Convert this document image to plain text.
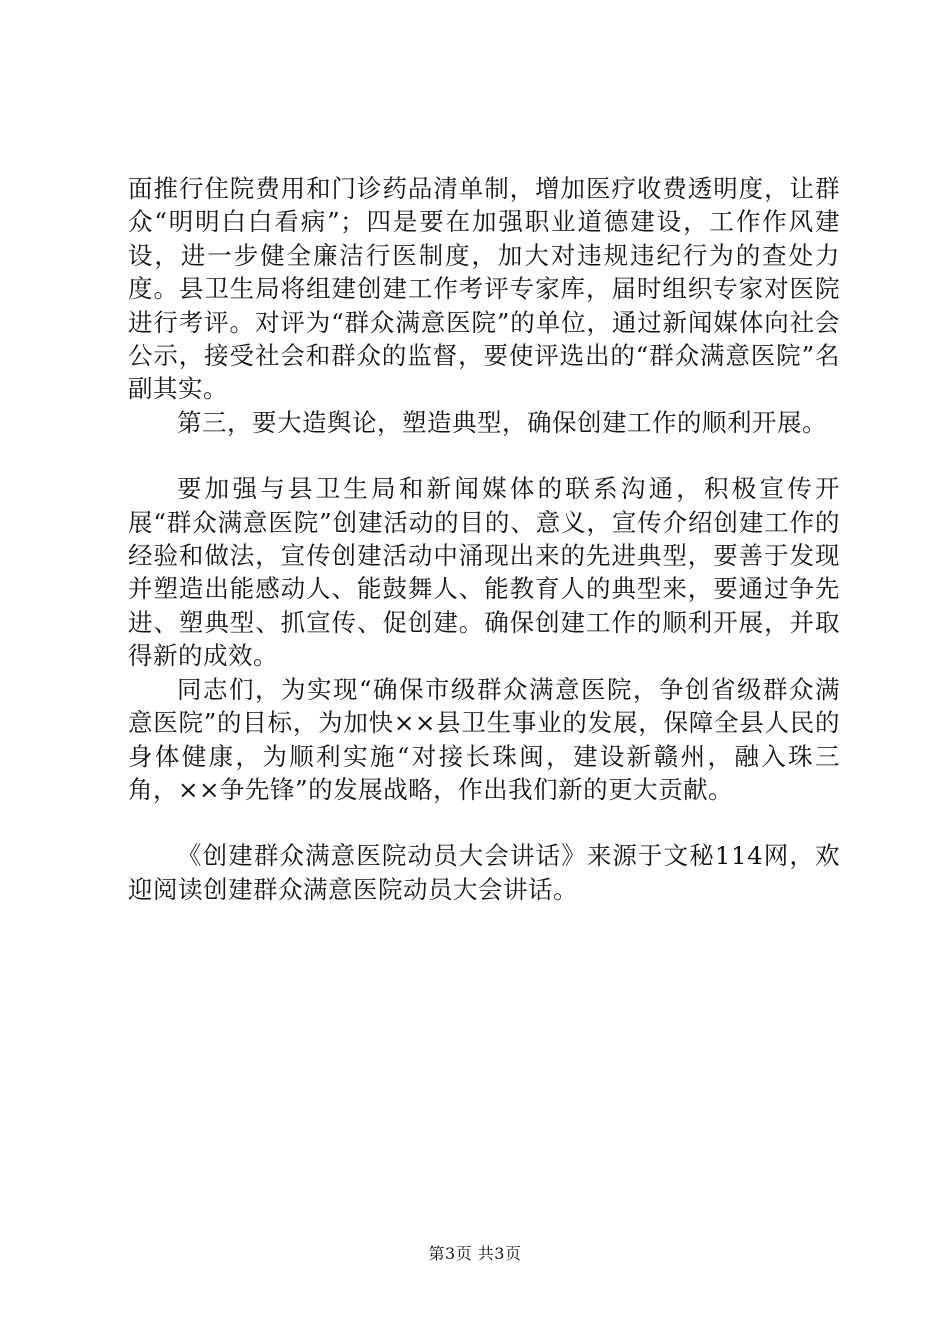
面推行住院费用和门诊药品清单制，增加医疗收费透明度，让群众“明明白白看病”；四是要在加强职业道德建设，工作作风建设，进一步健全廉洁行医制度，加大对违规违纪行为的查处力度。县卫生局将组建创建工作考评专家库，届时组织专家对医院进行考评。对评为“群众满意医院”的单位，通过新闻媒体向社会公示，接受社会和群众的监督，要使评选出的“群众满意医院”名副其实。

第三，要大造舆论，塑造典型，确保创建工作的顺利开展。

要加强与县卫生局和新闻媒体的联系沟通，积极宣传开展“群众满意医院”创建活动的目的、意义，宣传介绍创建工作的经验和做法，宣传创建活动中涌现出来的先进典型，要善于发现并塑造出能感动人、能鼓舞人、能教育人的典型来，要通过争先进、塑典型、抓宣传、促创建。确保创建工作的顺利开展，并取得新的成效。

同志们，为实现“确保市级群众满意医院，争创省级群众满意医院”的目标，为加快××县卫生事业的发展，保障全县人民的身体健康，为顺利实施“对接长珠闽，建设新赣州，融入珠三角，××争先锋”的发展战略，作出我们新的更大贡献。

《创建群众满意医院动员大会讲话》来源于文秘114网，欢迎阅读创建群众满意医院动员大会讲话。

第3页 共3页
